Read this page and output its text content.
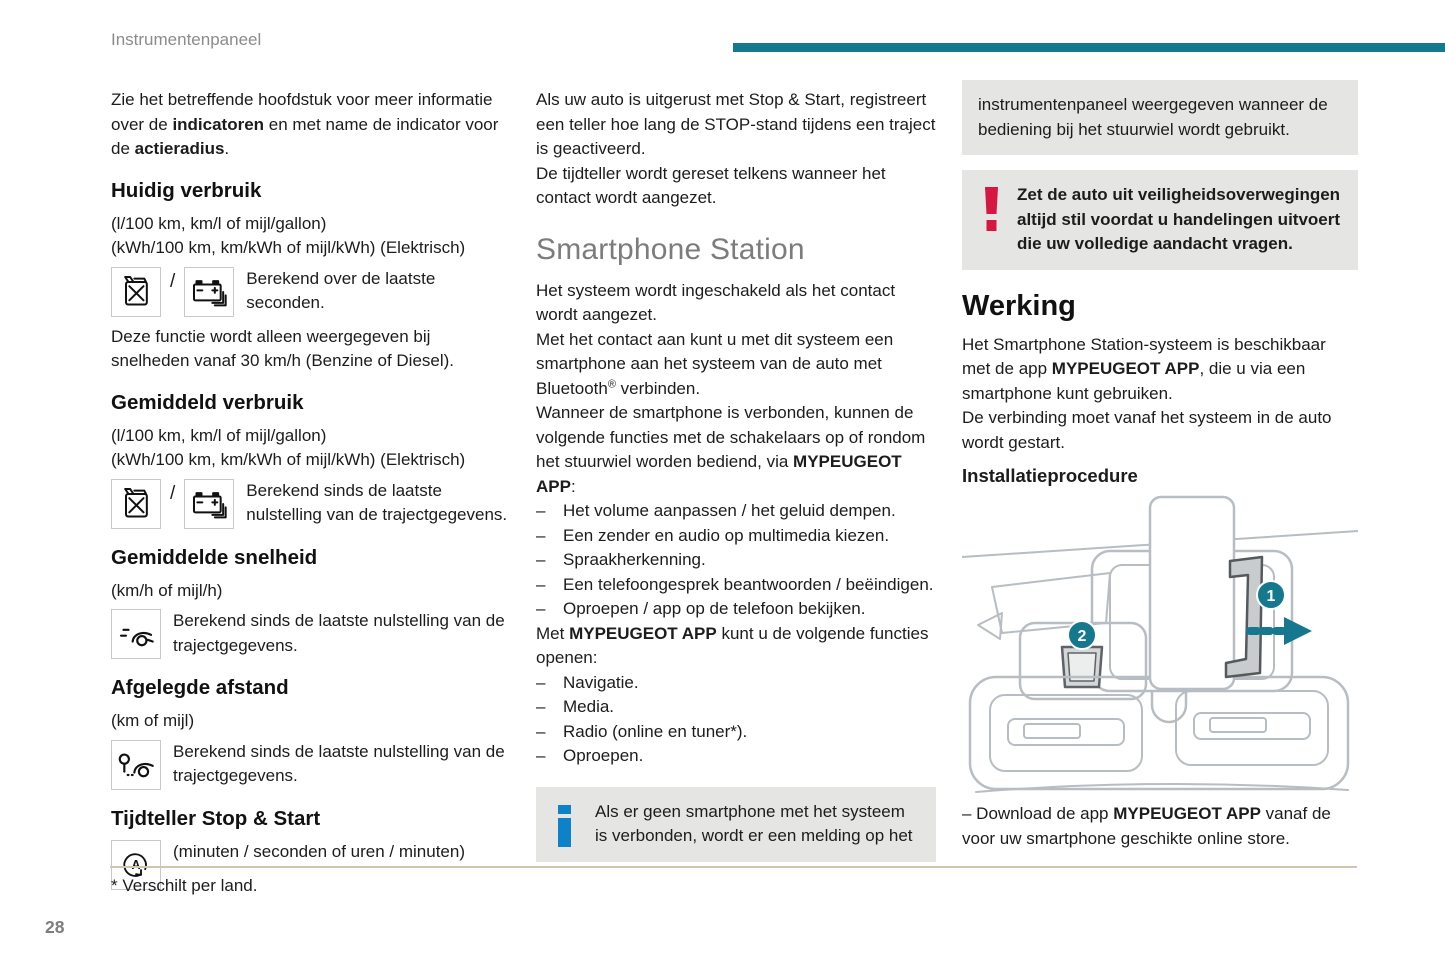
Instrumentenpaneel

Zie het betreffende hoofdstuk voor meer informatie over de indicatoren en met name de indicator voor de actieradius.

Huidig verbruik
(l/100 km, km/l of mijl/gallon)
(kWh/100 km, km/kWh of mijl/kWh) (Elektrisch)
/	Berekend over de laatste seconden.

Deze functie wordt alleen weergegeven bij snelheden vanaf 30 km/h (Benzine of Diesel).

Gemiddeld verbruik
(l/100 km, km/l of mijl/gallon)
(kWh/100 km, km/kWh of mijl/kWh) (Elektrisch)
/	Berekend sinds de laatste nulstelling van de trajectgegevens.
Gemiddelde snelheid
(km/h of mijl/h)
Berekend sinds de laatste nulstelling van de trajectgegevens.
Afgelegde afstand
(km of mijl)
Berekend sinds de laatste nulstelling van de trajectgegevens.
Tijdteller Stop & Start
A
(minuten / seconden of uren / minuten)

Als uw auto is uitgerust met Stop & Start, registreert een teller hoe lang de STOP-stand tijdens een traject is geactiveerd.

De tijdteller wordt gereset telkens wanneer het contact wordt aangezet.

Smartphone Station

Het systeem wordt ingeschakeld als het contact wordt aangezet.

Met het contact aan kunt u met dit systeem een smartphone aan het systeem van de auto met Bluetooth® verbinden.

Wanneer de smartphone is verbonden, kunnen de volgende functies met de schakelaars op of rondom het stuurwiel worden bediend, via MYPEUGEOT APP:

–	Het volume aanpassen / het geluid dempen.
–	Een zender en audio op multimedia kiezen.
–	Spraakherkenning.
–	Een telefoongesprek beantwoorden / beëindigen.
–	Oproepen / app op de telefoon bekijken.

Met MYPEUGEOT APP kunt u de volgende functies openen:

–	Navigatie.
–	Media.
–	Radio (online en tuner*).
–	Oproepen.
Als er geen smartphone met het systeem is verbonden, wordt er een melding op het
instrumentenpaneel weergegeven wanneer de bediening bij het stuurwiel wordt gebruikt.
Zet de auto uit veiligheidsoverwegingen altijd stil voordat u handelingen uitvoert die uw volledige aandacht vragen.
Werking

Het Smartphone Station-systeem is beschikbaar met de app MYPEUGEOT APP, die u via een smartphone kunt gebruiken.

De verbinding moet vanaf het systeem in de auto wordt gestart.

Installatieprocedure
1
2

– Download de app MYPEUGEOT APP vanaf de voor uw smartphone geschikte online store.

* Verschilt per land.
28
